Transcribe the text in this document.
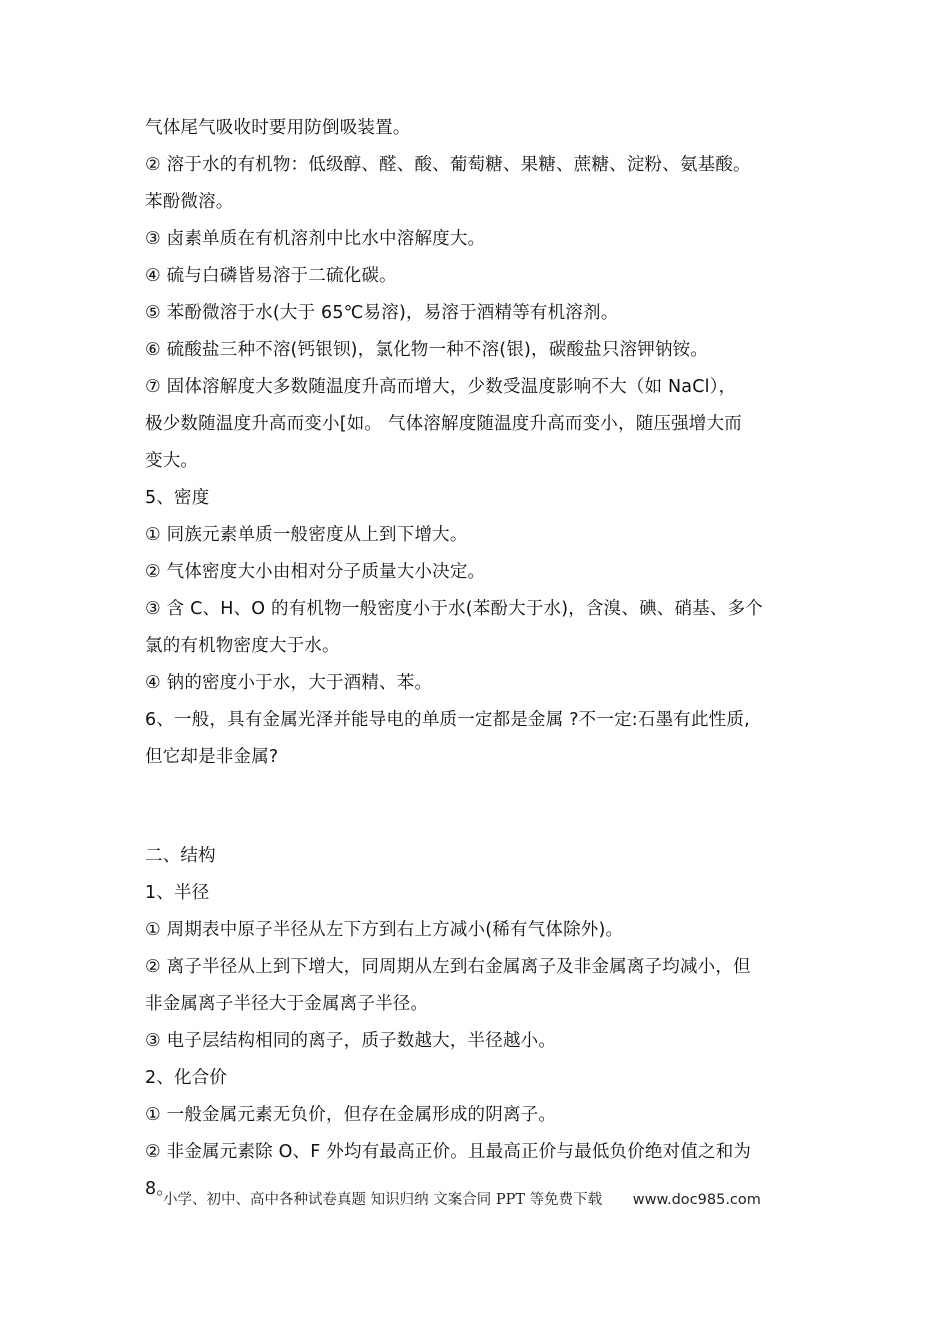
气体尾气吸收时要用防倒吸装置。
② 溶于水的有机物：低级醇、醛、酸、葡萄糖、果糖、蔗糖、淀粉、氨基酸。
苯酚微溶。
③ 卤素单质在有机溶剂中比水中溶解度大。
④ 硫与白磷皆易溶于二硫化碳。
⑤ 苯酚微溶于水(大于 65℃易溶)，易溶于酒精等有机溶剂。
⑥ 硫酸盐三种不溶(钙银钡)，氯化物一种不溶(银)，碳酸盐只溶钾钠铵。
⑦ 固体溶解度大多数随温度升高而增大，少数受温度影响不大（如 NaCl），
极少数随温度升高而变小[如。 气体溶解度随温度升高而变小，随压强增大而
变大。
5、密度
① 同族元素单质一般密度从上到下增大。
② 气体密度大小由相对分子质量大小决定。
③ 含 C、H、O 的有机物一般密度小于水(苯酚大于水)，含溴、碘、硝基、多个
氯的有机物密度大于水。
④ 钠的密度小于水，大于酒精、苯。
6、一般，具有金属光泽并能导电的单质一定都是金属 ?不一定:石墨有此性质,
但它却是非金属?
二、结构
1、半径
① 周期表中原子半径从左下方到右上方减小(稀有气体除外)。
② 离子半径从上到下增大，同周期从左到右金属离子及非金属离子均减小，但
非金属离子半径大于金属离子半径。
③ 电子层结构相同的离子，质子数越大，半径越小。
2、化合价
① 一般金属元素无负价，但存在金属形成的阴离子。
② 非金属元素除 O、F 外均有最高正价。且最高正价与最低负价绝对值之和为
8。
小学、初中、高中各种试卷真题 知识归纳 文案合同 PPT 等免费下载 www.doc985.com
